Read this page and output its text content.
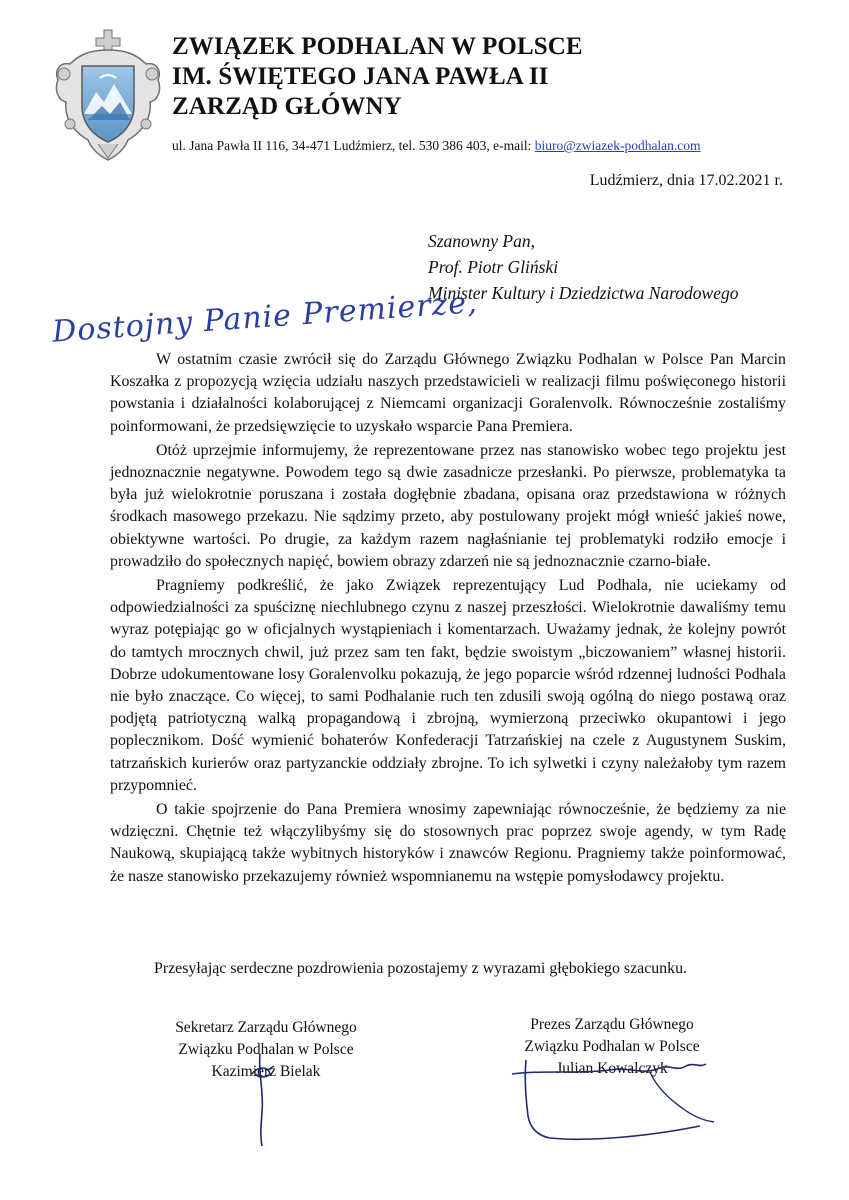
ZWIĄZEK PODHALAN W POLSCE
IM. ŚWIĘTEGO JANA PAWŁA II
ZARZĄD GŁÓWNY
ul. Jana Pawła II 116, 34-471 Ludźmierz, tel. 530 386 403, e-mail: biuro@zwiazek-podhalan.com
Ludźmierz, dnia 17.02.2021 r.
Szanowny Pan,
Prof. Piotr Gliński
Minister Kultury i Dziedzictwa Narodowego
Dostojny Panie Premierze,

W ostatnim czasie zwrócił się do Zarządu Głównego Związku Podhalan w Polsce Pan Marcin Koszałka z propozycją wzięcia udziału naszych przedstawicieli w realizacji filmu poświęconego historii powstania i działalności kolaborującej z Niemcami organizacji Goralenvolk. Równocześnie zostaliśmy poinformowani, że przedsięwzięcie to uzyskało wsparcie Pana Premiera.

Otóż uprzejmie informujemy, że reprezentowane przez nas stanowisko wobec tego projektu jest jednoznacznie negatywne. Powodem tego są dwie zasadnicze przesłanki. Po pierwsze, problematyka ta była już wielokrotnie poruszana i została dogłębnie zbadana, opisana oraz przedstawiona w różnych środkach masowego przekazu. Nie sądzimy przeto, aby postulowany projekt mógł wnieść jakieś nowe, obiektywne wartości. Po drugie, za każdym razem nagłaśnianie tej problematyki rodziło emocje i prowadziło do społecznych napięć, bowiem obrazy zdarzeń nie są jednoznacznie czarno-białe.

Pragniemy podkreślić, że jako Związek reprezentujący Lud Podhala, nie uciekamy od odpowiedzialności za spuściznę niechlubnego czynu z naszej przeszłości. Wielokrotnie dawaliśmy temu wyraz potępiając go w oficjalnych wystąpieniach i komentarzach. Uważamy jednak, że kolejny powrót do tamtych mrocznych chwil, już przez sam ten fakt, będzie swoistym „biczowaniem” własnej historii. Dobrze udokumentowane losy Goralenvolku pokazują, że jego poparcie wśród rdzennej ludności Podhala nie było znaczące. Co więcej, to sami Podhalanie ruch ten zdusili swoją ogólną do niego postawą oraz podjętą patriotyczną walką propagandową i zbrojną, wymierzoną przeciwko okupantowi i jego poplecznikom. Dość wymienić bohaterów Konfederacji Tatrzańskiej na czele z Augustynem Suskim, tatrzańskich kurierów oraz partyzanckie oddziały zbrojne. To ich sylwetki i czyny należałoby tym razem przypomnieć.

O takie spojrzenie do Pana Premiera wnosimy zapewniając równocześnie, że będziemy za nie wdzięczni. Chętnie też włączylibyśmy się do stosownych prac poprzez swoje agendy, w tym Radę Naukową, skupiającą także wybitnych historyków i znawców Regionu. Pragniemy także poinformować, że nasze stanowisko przekazujemy również wspomnianemu na wstępie pomysłodawcy projektu.

Przesyłając serdeczne pozdrowienia pozostajemy z wyrazami głębokiego szacunku.
Sekretarz Zarządu Głównego
Związku Podhalan w Polsce
Kazimierz Bielak
Prezes Zarządu Głównego
Związku Podhalan w Polsce
Julian Kowalczyk
